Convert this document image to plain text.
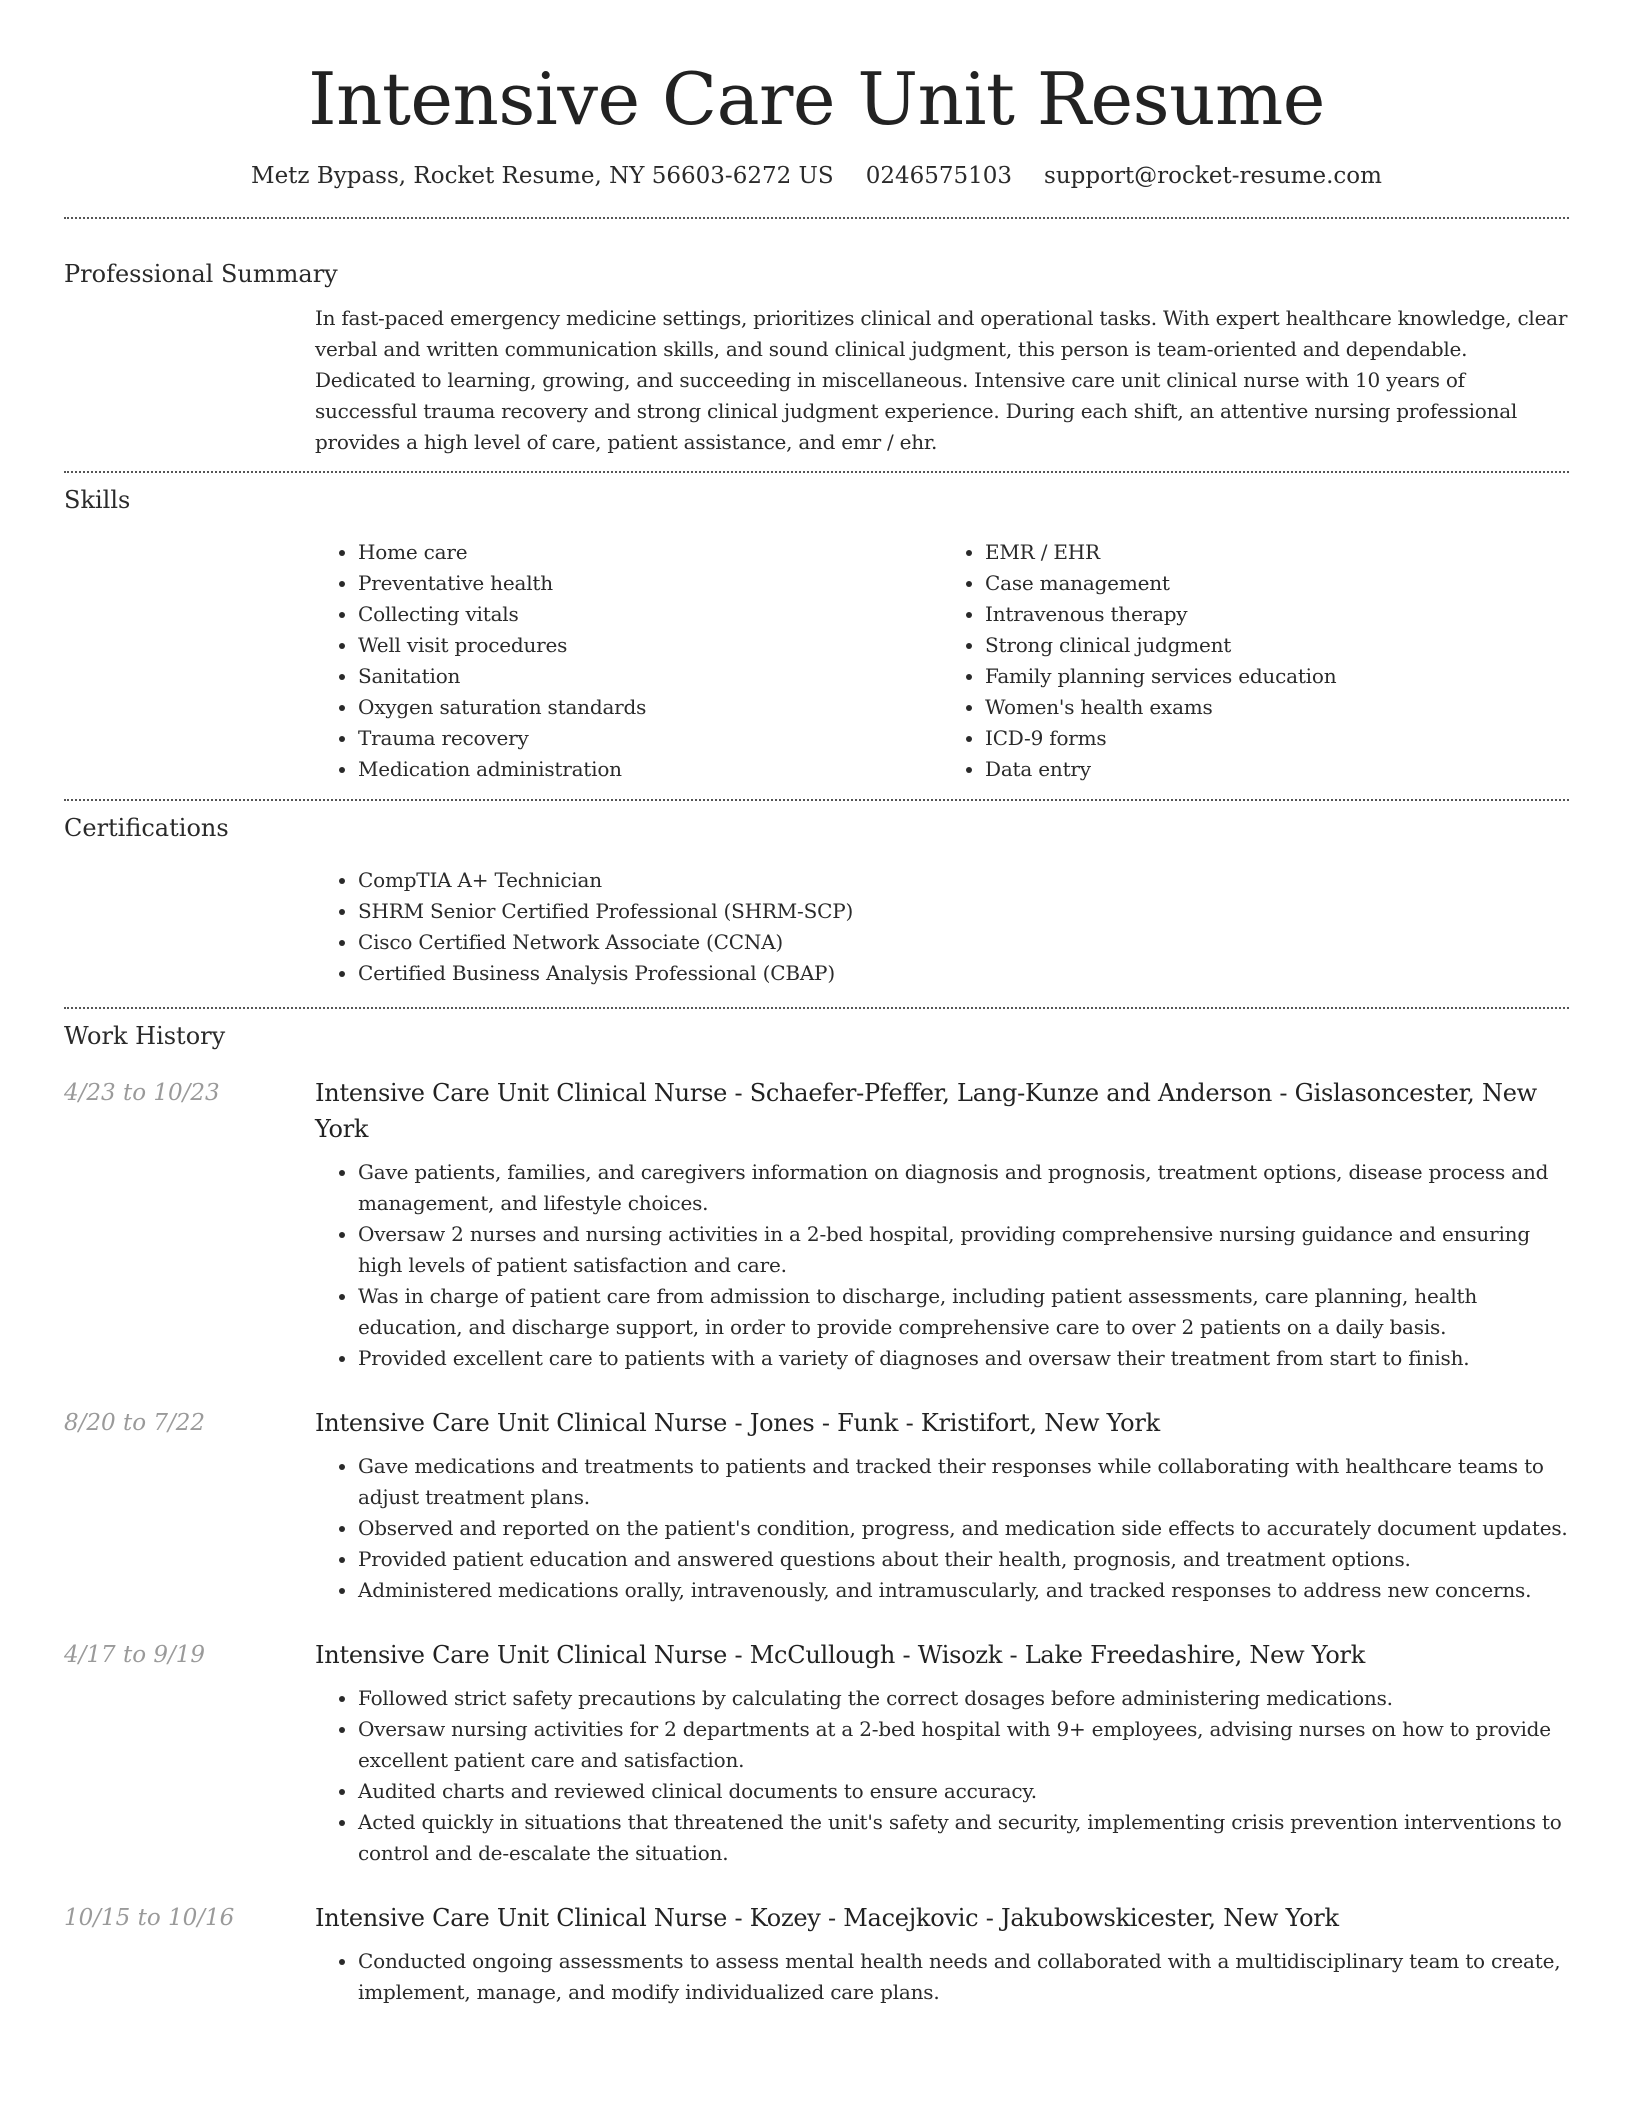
Intensive Care Unit Resume
Metz Bypass, Rocket Resume, NY 56603-6272 US 0246575103 support@rocket-resume.com
Professional Summary

In fast-paced emergency medicine settings, prioritizes clinical and operational tasks. With expert healthcare knowledge, clear verbal and written communication skills, and sound clinical judgment, this person is team-oriented and dependable. Dedicated to learning, growing, and succeeding in miscellaneous. Intensive care unit clinical nurse with 10 years of successful trauma recovery and strong clinical judgment experience. During each shift, an attentive nursing professional provides a high level of care, patient assistance, and emr / ehr.

Skills
• Home care
• Preventative health
• Collecting vitals
• Well visit procedures
• Sanitation
• Oxygen saturation standards
• Trauma recovery
• Medication administration
• EMR / EHR
• Case management
• Intravenous therapy
• Strong clinical judgment
• Family planning services education
• Women's health exams
• ICD-9 forms
• Data entry
Certifications
• CompTIA A+ Technician
• SHRM Senior Certified Professional (SHRM-SCP)
• Cisco Certified Network Associate (CCNA)
• Certified Business Analysis Professional (CBAP)
Work History
4/23 to 10/23	Intensive Care Unit Clinical Nurse - Schaefer-Pfeffer, Lang-Kunze and Anderson - Gislasoncester, New York
• Gave patients, families, and caregivers information on diagnosis and prognosis, treatment options, disease process and management, and lifestyle choices.
• Oversaw 2 nurses and nursing activities in a 2-bed hospital, providing comprehensive nursing guidance and ensuring high levels of patient satisfaction and care.
• Was in charge of patient care from admission to discharge, including patient assessments, care planning, health education, and discharge support, in order to provide comprehensive care to over 2 patients on a daily basis.
• Provided excellent care to patients with a variety of diagnoses and oversaw their treatment from start to finish.
8/20 to 7/22	Intensive Care Unit Clinical Nurse - Jones - Funk - Kristifort, New York
• Gave medications and treatments to patients and tracked their responses while collaborating with healthcare teams to adjust treatment plans.
• Observed and reported on the patient's condition, progress, and medication side effects to accurately document updates.
• Provided patient education and answered questions about their health, prognosis, and treatment options.
• Administered medications orally, intravenously, and intramuscularly, and tracked responses to address new concerns.
4/17 to 9/19	Intensive Care Unit Clinical Nurse - McCullough - Wisozk - Lake Freedashire, New York
• Followed strict safety precautions by calculating the correct dosages before administering medications.
• Oversaw nursing activities for 2 departments at a 2-bed hospital with 9+ employees, advising nurses on how to provide excellent patient care and satisfaction.
• Audited charts and reviewed clinical documents to ensure accuracy.
• Acted quickly in situations that threatened the unit's safety and security, implementing crisis prevention interventions to control and de-escalate the situation.
10/15 to 10/16	Intensive Care Unit Clinical Nurse - Kozey - Macejkovic - Jakubowskicester, New York
• Conducted ongoing assessments to assess mental health needs and collaborated with a multidisciplinary team to create, implement, manage, and modify individualized care plans.
